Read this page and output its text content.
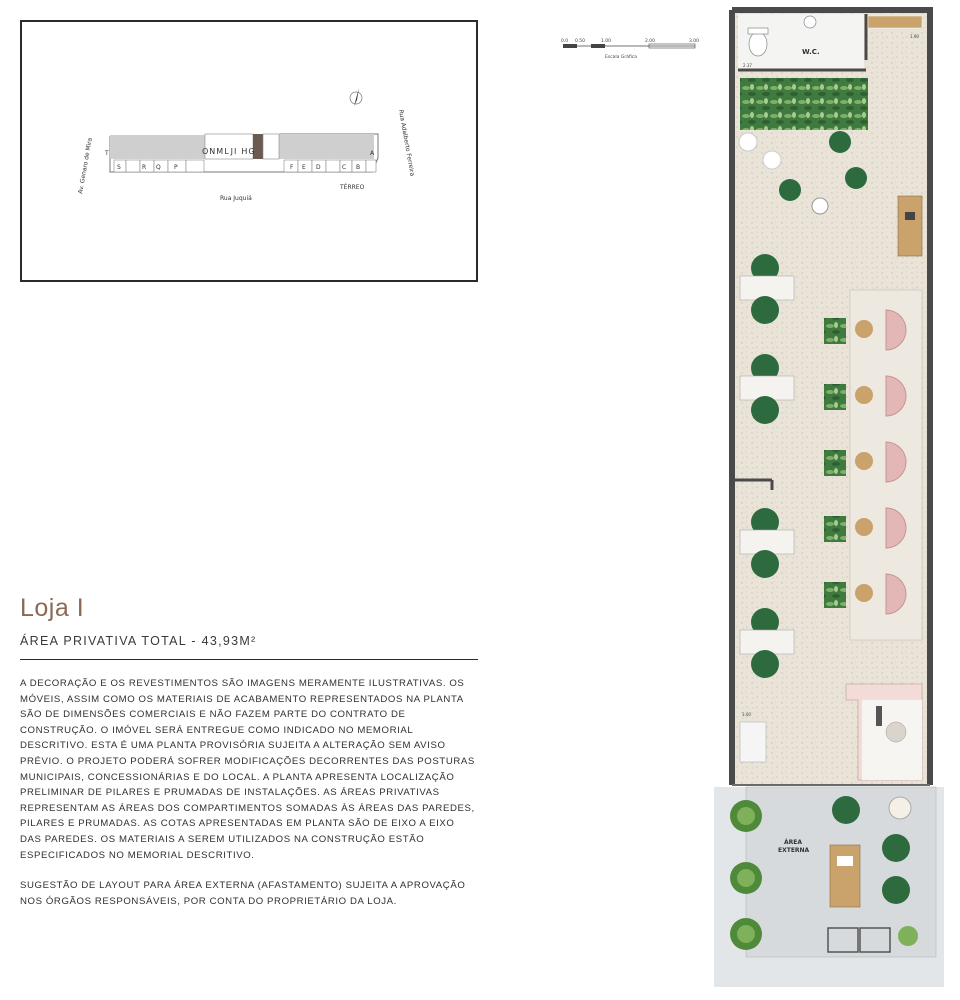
ONML JI HG
T	A
S	R Q P	F E D	C B
TÉRREO
Rua Juquiá
Av. Genaro de Mira	Rua Adalberto Ferreira
0.0 0.50	1.00	2.00	3.00
Escala Gráfica
Loja I
ÁREA PRIVATIVA TOTAL - 43,93M²

A DECORAÇÃO E OS REVESTIMENTOS SÃO IMAGENS MERAMENTE ILUSTRATIVAS. OS MÓVEIS, ASSIM COMO OS MATERIAIS DE ACABAMENTO REPRESENTADOS NA PLANTA SÃO DE DIMENSÕES COMERCIAIS E NÃO FAZEM PARTE DO CONTRATO DE CONSTRUÇÃO. O IMÓVEL SERÁ ENTREGUE COMO INDICADO NO MEMORIAL DESCRITIVO. ESTA É UMA PLANTA PROVISÓRIA SUJEITA A ALTERAÇÃO SEM AVISO PRÉVIO. O PROJETO PODERÁ SOFRER MODIFICAÇÕES DECORRENTES DAS POSTURAS MUNICIPAIS, CONCESSIONÁRIAS E DO LOCAL. A PLANTA APRESENTA LOCALIZAÇÃO PRELIMINAR DE PILARES E PRUMADAS DE INSTALAÇÕES. AS ÁREAS PRIVATIVAS REPRESENTAM AS ÁREAS DOS COMPARTIMENTOS SOMADAS ÀS ÁREAS DAS PAREDES, PILARES E PRUMADAS. AS COTAS APRESENTADAS EM PLANTA SÃO DE EIXO A EIXO DAS PAREDES. OS MATERIAIS A SEREM UTILIZADOS NA CONSTRUÇÃO ESTÃO ESPECIFICADOS NO MEMORIAL DESCRITIVO.

SUGESTÃO DE LAYOUT PARA ÁREA EXTERNA (AFASTAMENTO) SUJEITA A APROVAÇÃO NOS ÓRGÃOS RESPONSÁVEIS, POR CONTA DO PROPRIETÁRIO DA LOJA.

W.C.
2.37
1.90
3.00
ÁREA
EXTERNA
